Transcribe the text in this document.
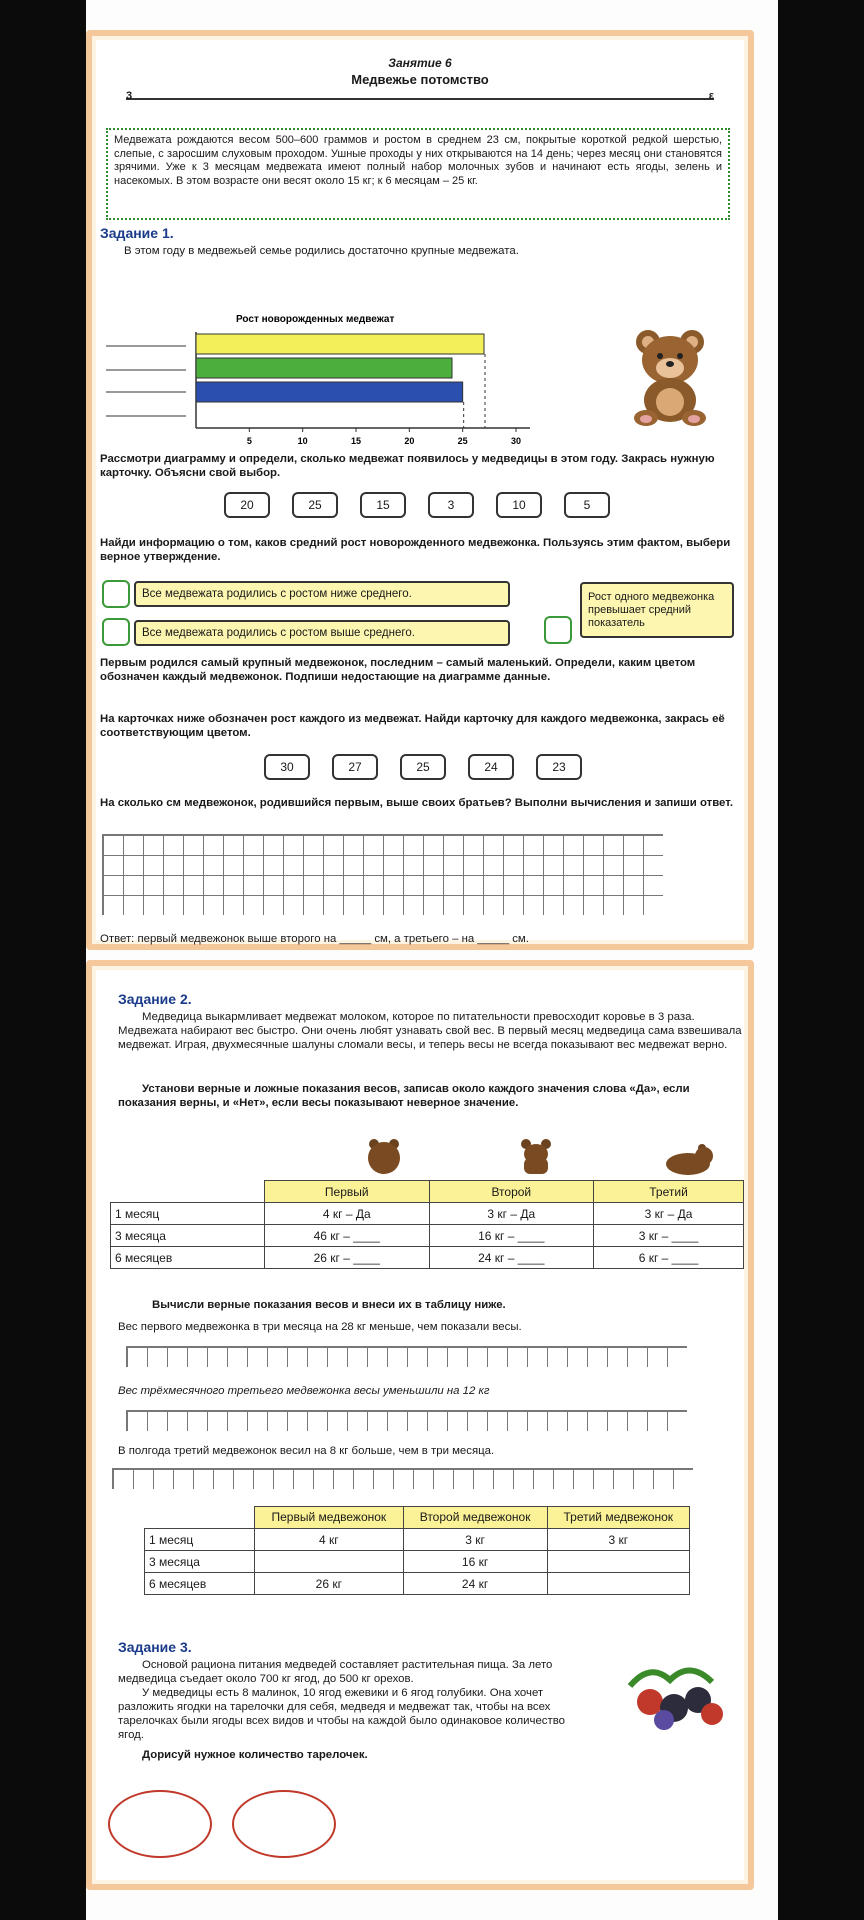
Занятие 6
Медвежье потомство
3	ε
Медвежата рождаются весом 500–600 граммов и ростом в среднем 23 см, покрытые короткой редкой шерстью, слепые, с заросшим слуховым проходом. Ушные проходы у них открываются на 14 день; через месяц они становятся зрячими. Уже к 3 месяцам медвежата имеют полный набор молочных зубов и начинают есть ягоды, зелень и насекомых. В этом возрасте они весят около 15 кг; к 6 месяцам – 25 кг.
Задание 1.
В этом году в медвежьей семье родились достаточно крупные медвежата.
Рост новорожденных медвежат
5	10	15	20	25	30
Рассмотри диаграмму и определи, сколько медвежат появилось у медведицы в этом году. Закрась нужную карточку. Объясни свой выбор.
20	25	15	3	10	5
Найди информацию о том, каков средний рост новорожденного медвежонка. Пользуясь этим фактом, выбери верное утверждение.
Все медвежата родились с ростом ниже среднего.
Все медвежата родились с ростом выше среднего.
Рост одного медвежонка превышает средний показатель
Первым родился самый крупный медвежонок, последним – самый маленький. Определи, каким цветом обозначен каждый медвежонок. Подпиши недостающие на диаграмме данные.
На карточках ниже обозначен рост каждого из медвежат. Найди карточку для каждого медвежонка, закрась её соответствующим цветом.
30	27	25	24	23
На сколько см медвежонок, родившийся первым, выше своих братьев? Выполни вычисления и запиши ответ.
Ответ: первый медвежонок выше второго на _____ см, а третьего – на _____ см.
Задание 2.
Медведица выкармливает медвежат молоком, которое по питательности превосходит коровье в 3 раза. Медвежата набирают вес быстро. Они очень любят узнавать свой вес. В первый месяц медведица сама взвешивала медвежат. Играя, двухмесячные шалуны сломали весы, и теперь весы не всегда показывают вес медвежат верно.
Установи верные и ложные показания весов, записав около каждого значения слова «Да», если показания верны, и «Нет», если весы показывают неверное значение.
	Первый	Второй	Третий
1 месяц	4 кг – Да	3 кг – Да	3 кг – Да
3 месяца	46 кг – ____	16 кг – ____	3 кг – ____
6 месяцев	26 кг – ____	24 кг – ____	6 кг – ____
Вычисли верные показания весов и внеси их в таблицу ниже.
Вес первого медвежонка в три месяца на 28 кг меньше, чем показали весы.
Вес трёхмесячного третьего медвежонка весы уменьшили на 12 кг
В полгода третий медвежонок весил на 8 кг больше, чем в три месяца.
	Первый медвежонок	Второй медвежонок	Третий медвежонок
1 месяц	4 кг	3 кг	3 кг
3 месяца		16 кг	
6 месяцев	26 кг	24 кг	
Задание 3.
Основой рациона питания медведей составляет растительная пища. За лето медведица съедает около 700 кг ягод, до 500 кг орехов.
У медведицы есть 8 малинок, 10 ягод ежевики и 6 ягод голубики. Она хочет разложить ягодки на тарелочки для себя, медведя и медвежат так, чтобы на всех тарелочках были ягоды всех видов и чтобы на каждой было одинаковое количество ягод.
Дорисуй нужное количество тарелочек.
